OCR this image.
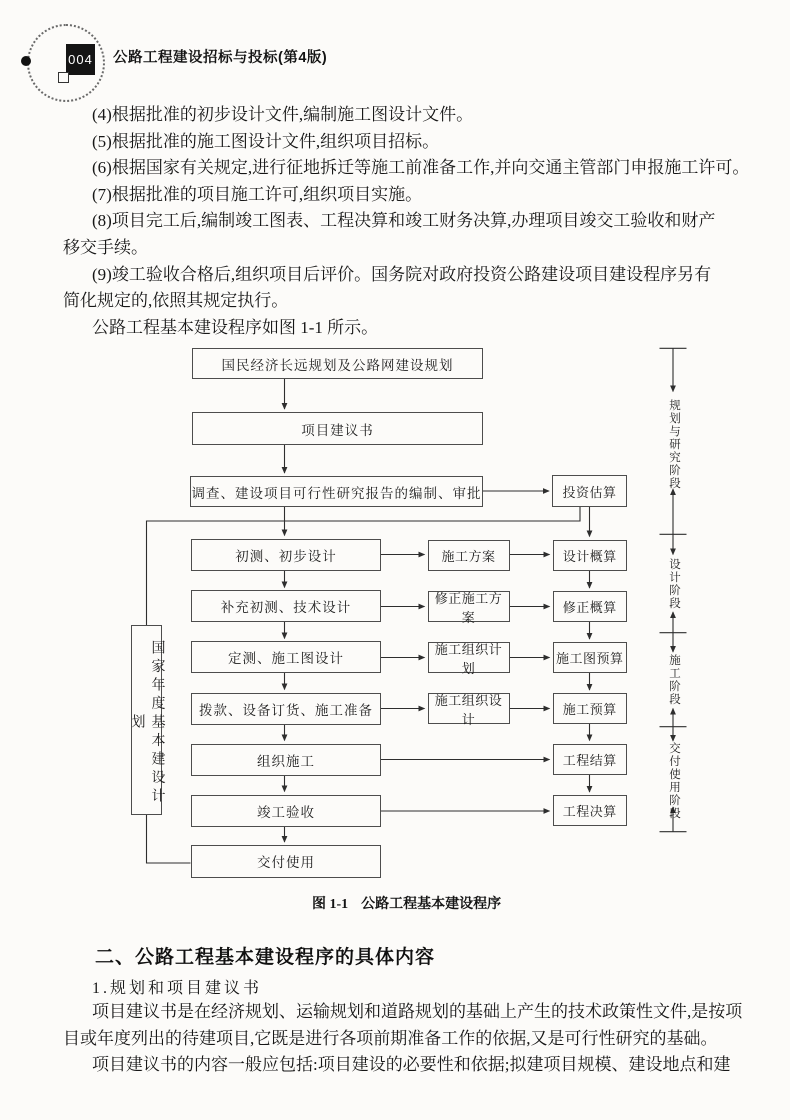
004 公路工程建设招标与投标(第4版)
(4)根据批准的初步设计文件,编制施工图设计文件。
(5)根据批准的施工图设计文件,组织项目招标。
(6)根据国家有关规定,进行征地拆迁等施工前准备工作,并向交通主管部门申报施工许可。
(7)根据批准的项目施工许可,组织项目实施。
(8)项目完工后,编制竣工图表、工程决算和竣工财务决算,办理项目竣交工验收和财产
移交手续。
(9)竣工验收合格后,组织项目后评价。国务院对政府投资公路建设项目建设程序另有
简化规定的,依照其规定执行。
公路工程基本建设程序如图 1-1 所示。
国民经济长远规划及公路网建设规划
项目建议书
调查、建设项目可行性研究报告的编制、审批	投资估算
初测、初步设计
补充初测、技术设计
定测、施工图设计
拨款、设备订货、施工准备
组织施工
竣工验收
交付使用
施工方案
修正施工方案
施工组织计划
施工组织设计
设计概算
修正概算
施工图预算
施工预算
工程结算
工程决算
国家年度基本建设计划
规划与研究阶段
设计阶段
施工阶段
交付使用阶段
图 1-1 公路工程基本建设程序
二、公路工程基本建设程序的具体内容
1.规划和项目建议书
项目建议书是在经济规划、运输规划和道路规划的基础上产生的技术政策性文件,是按项
目或年度列出的待建项目,它既是进行各项前期准备工作的依据,又是可行性研究的基础。
项目建议书的内容一般应包括:项目建设的必要性和依据;拟建项目规模、建设地点和建
